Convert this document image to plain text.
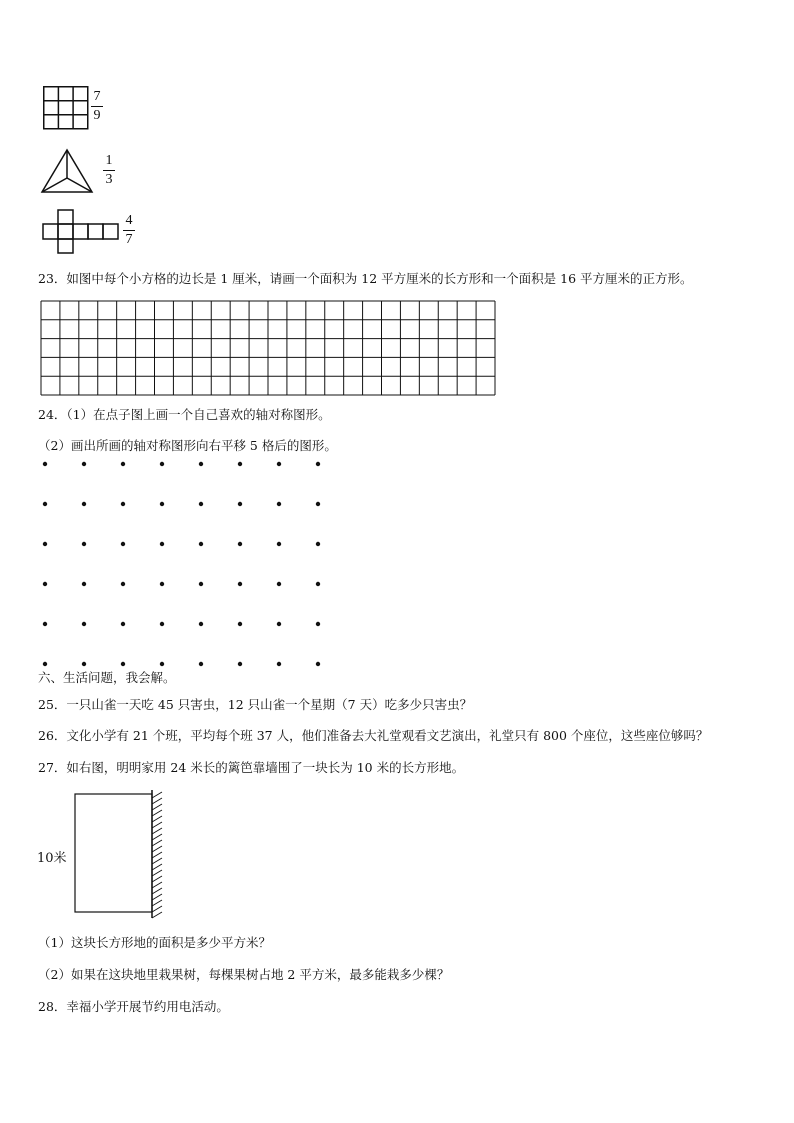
7
9
1
3
4
7
23．如图中每个小方格的边长是 1 厘米，请画一个面积为 12 平方厘米的长方形和一个面积是 16 平方厘米的正方形。
24．（1）在点子图上画一个自己喜欢的轴对称图形。
（2）画出所画的轴对称图形向右平移 5 格后的图形。
六、生活问题，我会解。
25．一只山雀一天吃 45 只害虫，12 只山雀一个星期（7 天）吃多少只害虫？
26．文化小学有 21 个班，平均每个班 37 人，他们准备去大礼堂观看文艺演出，礼堂只有 800 个座位，这些座位够吗？
27．如右图，明明家用 24 米长的篱笆靠墙围了一块长为 10 米的长方形地。
10米
（1）这块长方形地的面积是多少平方米？
（2）如果在这块地里栽果树，每棵果树占地 2 平方米，最多能栽多少棵？
28．幸福小学开展节约用电活动。
